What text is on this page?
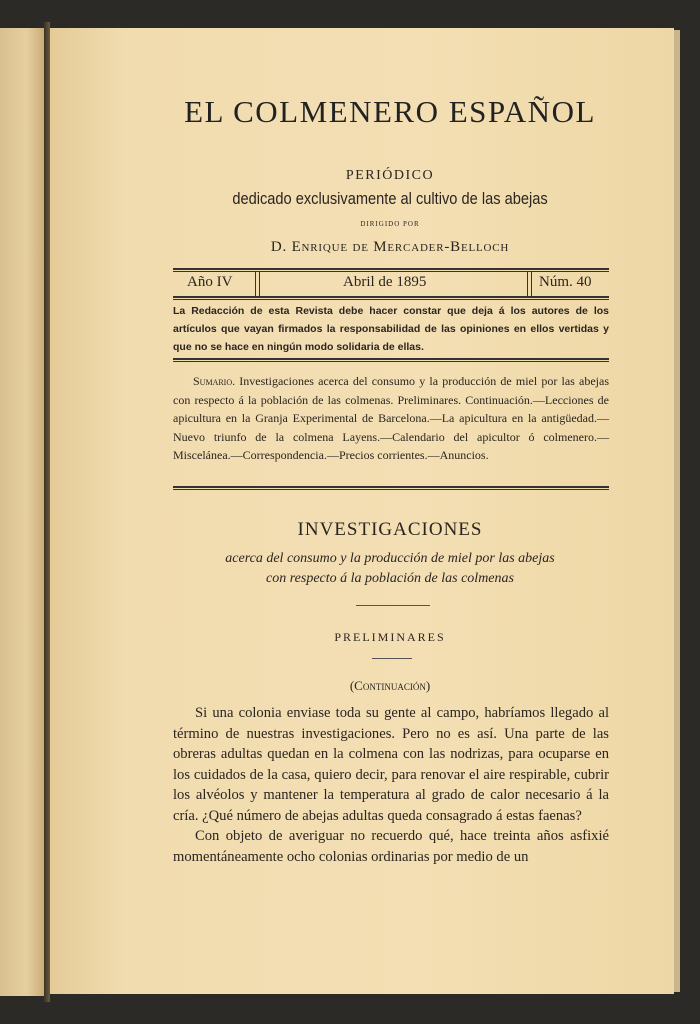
EL COLMENERO ESPAÑOL
PERIÓDICO
dedicado exclusivamente al cultivo de las abejas
DIRIGIDO POR
D. Enrique de Mercader-Belloch
Año IV	Abril de 1895	Núm. 40
La Redacción de esta Revista debe hacer constar que deja á los autores de los artículos que vayan firmados la responsabilidad de las opiniones en ellos vertidas y que no se hace en ningún modo solidaria de ellas.

Sumario. Investigaciones acerca del consumo y la producción de miel por las abejas con respecto á la población de las colmenas. Preliminares. Continuación.—Lecciones de apicultura en la Granja Experimental de Barcelona.—La apicultura en la antigüedad.—Nuevo triunfo de la colmena Layens.—Calendario del apicultor ó colmenero.—Miscelánea.—Correspondencia.—Precios corrientes.—Anuncios.

INVESTIGACIONES
acerca del consumo y la producción de miel por las abejas
con respecto á la población de las colmenas
PRELIMINARES
(Continuación)

Si una colonia enviase toda su gente al campo, habríamos llegado al término de nuestras investigaciones. Pero no es así. Una parte de las obreras adultas quedan en la colmena con las nodrizas, para ocuparse en los cuidados de la casa, quiero decir, para renovar el aire respirable, cubrir los alvéolos y mantener la temperatura al grado de calor necesario á la cría. ¿Qué número de abejas adultas queda consagrado á estas faenas?

Con objeto de averiguar no recuerdo qué, hace treinta años asfixié momentáneamente ocho colonias ordinarias por medio de un
